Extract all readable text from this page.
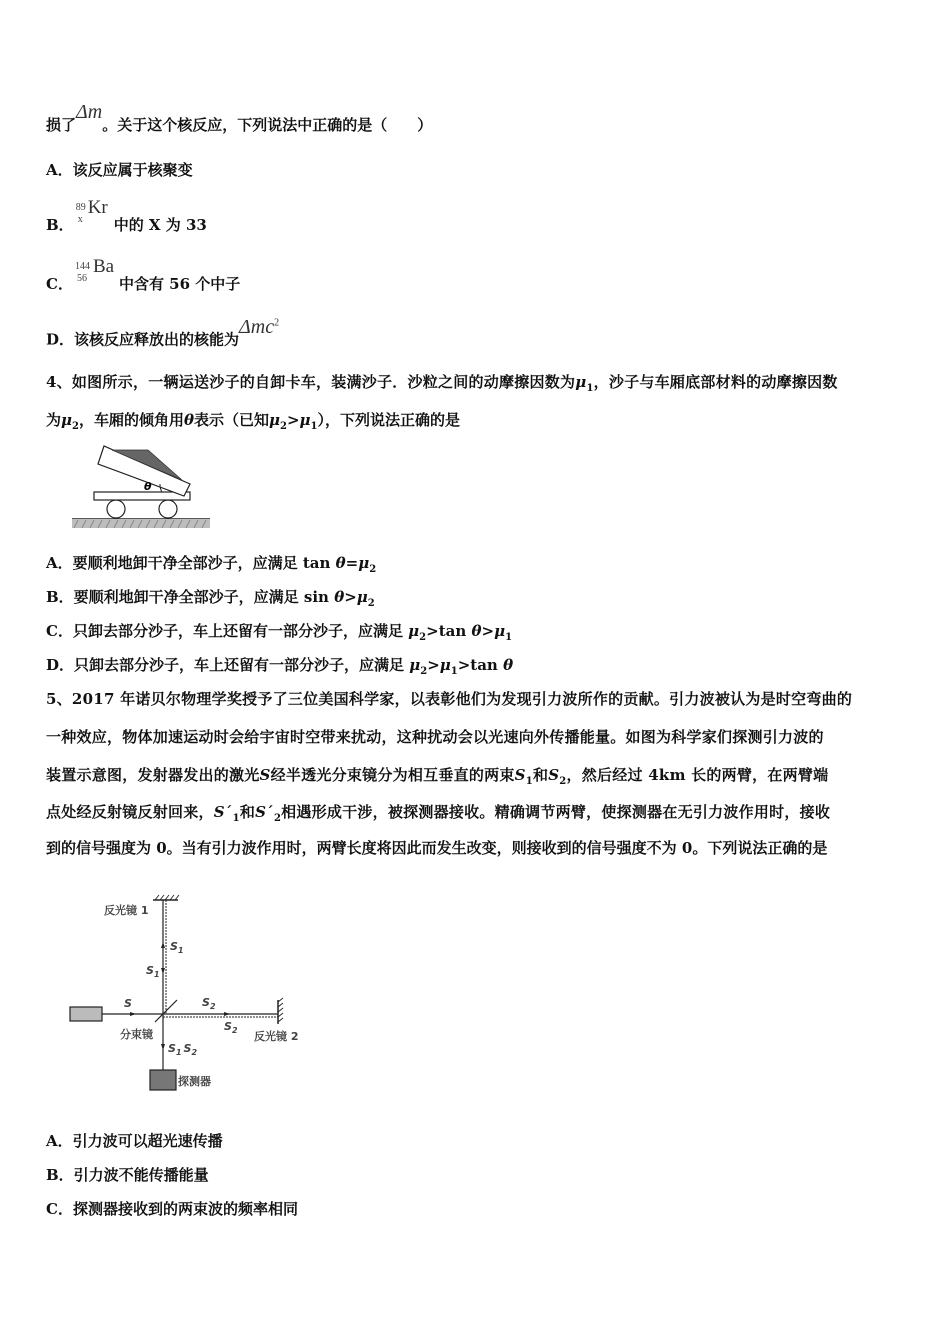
损了Δm。关于这个核反应，下列说法中正确的是（　　）
A．该反应属于核聚变
B．
89
x
Kr
中的 X 为 33
C．
144
56
Ba
中含有 56 个中子
D．该核反应释放出的核能为Δmc$^2$
4、如图所示，一辆运送沙子的自卸卡车，装满沙子．沙粒之间的动摩擦因数为$\mu_1$，沙子与车厢底部材料的动摩擦因数
为$\mu_2$，车厢的倾角用θ表示（已知$\mu_2>\mu_1$），下列说法正确的是
θ
A．要顺利地卸干净全部沙子，应满足 $\tan \theta=\mu_2$
B．要顺利地卸干净全部沙子，应满足 $\sin \theta>\mu_2$
C．只卸去部分沙子，车上还留有一部分沙子，应满足 $\mu_2>\tan$ $\theta>\mu_1$
D．只卸去部分沙子，车上还留有一部分沙子，应满足 $\mu_2>\mu_1>\tan$ θ
5、2017 年诺贝尔物理学奖授予了三位美国科学家，以表彰他们为发现引力波所作的贡献。引力波被认为是时空弯曲的
一种效应，物体加速运动时会给宇宙时空带来扰动，这种扰动会以光速向外传播能量。如图为科学家们探测引力波的
装置示意图，发射器发出的激光S经半透光分束镜分为相互垂直的两束$S_1$和$S_2$，然后经过 4km 长的两臂，在两臂端
点处经反射镜反射回来，$S´_1$和$S´_2$相遇形成干涉，被探测器接收。精确调节两臂，使探测器在无引力波作用时，接收
到的信号强度为 0。当有引力波作用时，两臂长度将因此而发生改变，则接收到的信号强度不为 0。下列说法正确的是
反光镜 1
$S_1$
$S_1$
S
分束镜
$S_2$
$S_2$ 反光镜 2
$S_1$ $S_2$
探测器
A．引力波可以超光速传播
B．引力波不能传播能量
C．探测器接收到的两束波的频率相同
